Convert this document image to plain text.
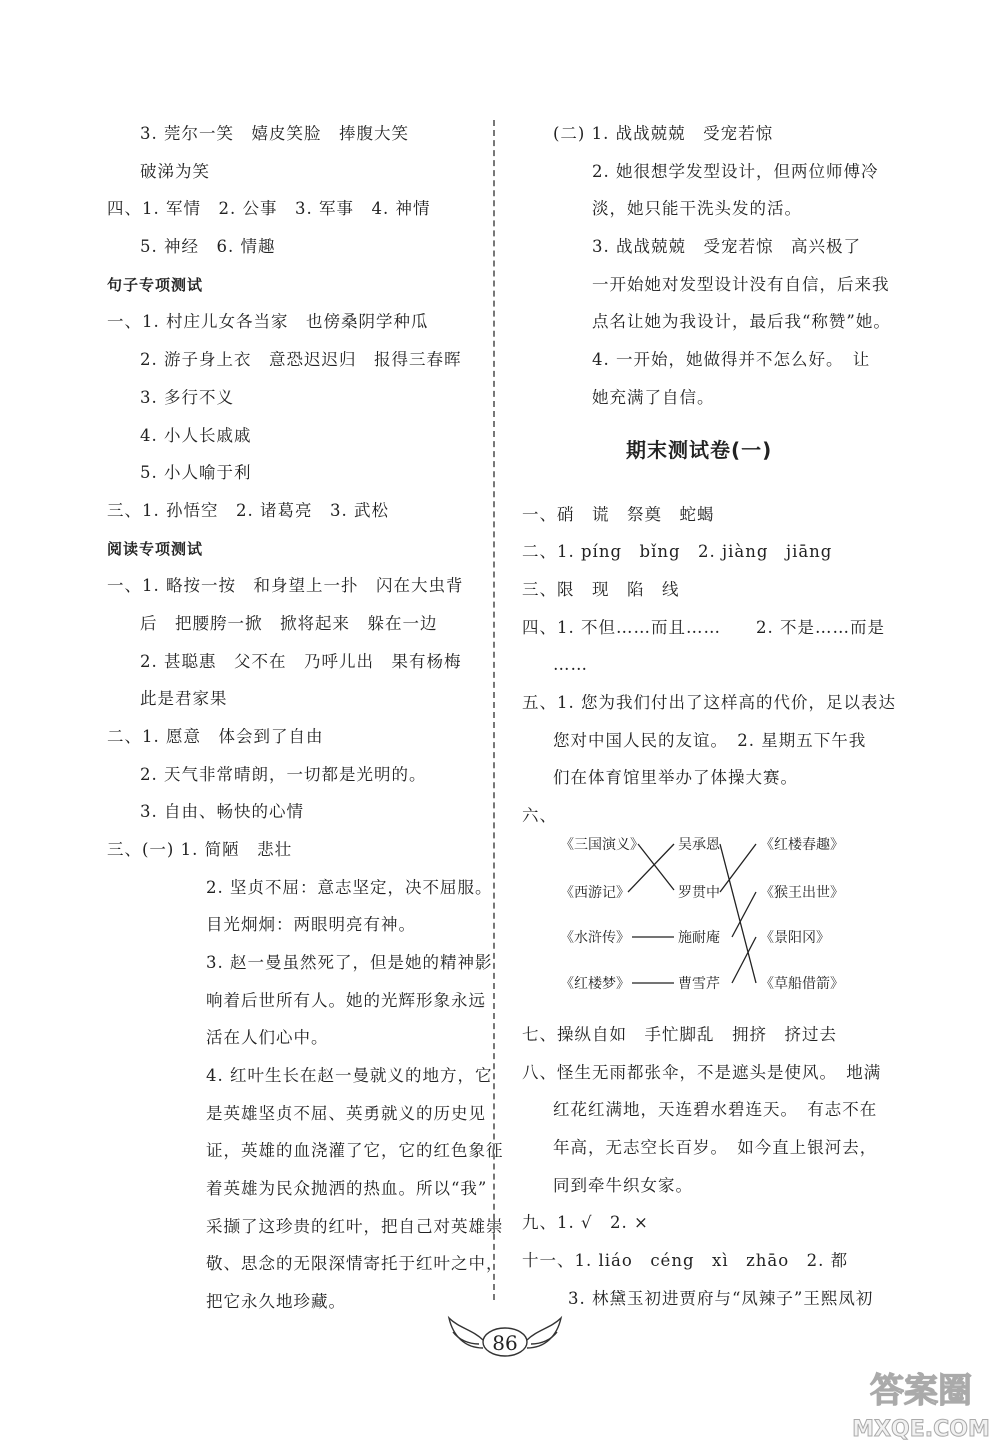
3. 莞尔一笑　嬉皮笑脸　捧腹大笑
破涕为笑
四、1. 军情　2. 公事　3. 军事　4. 神情
5. 神经　6. 情趣
句子专项测试
一、1. 村庄儿女各当家　也傍桑阴学种瓜
2. 游子身上衣　意恐迟迟归　报得三春晖
3. 多行不义
4. 小人长戚戚
5. 小人喻于利
三、1. 孙悟空　2. 诸葛亮　3. 武松
阅读专项测试
一、1. 略按一按　和身望上一扑　闪在大虫背
后　把腰胯一掀　掀将起来　躲在一边
2. 甚聪惠　父不在　乃呼儿出　果有杨梅
此是君家果
二、1. 愿意　体会到了自由
2. 天气非常晴朗，一切都是光明的。
3. 自由、畅快的心情
三、(一) 1. 简陋　悲壮
2. 坚贞不屈：意志坚定，决不屈服。
目光炯炯：两眼明亮有神。
3. 赵一曼虽然死了，但是她的精神影
响着后世所有人。她的光辉形象永远
活在人们心中。
4. 红叶生长在赵一曼就义的地方，它
是英雄坚贞不屈、英勇就义的历史见
证，英雄的血浇灌了它，它的红色象征
着英雄为民众抛洒的热血。所以“我”
采撷了这珍贵的红叶，把自己对英雄崇
敬、思念的无限深情寄托于红叶之中，
把它永久地珍藏。
(二) 1. 战战兢兢　受宠若惊
2. 她很想学发型设计，但两位师傅冷
淡，她只能干洗头发的活。
3. 战战兢兢　受宠若惊　高兴极了
一开始她对发型设计没有自信，后来我
点名让她为我设计，最后我“称赞”她。
4. 一开始，她做得并不怎么好。　让
她充满了自信。
期末测试卷(一)
一、硝　谎　祭奠　蛇蝎
二、1. píng　bǐng　2. jiàng　jiāng
三、限　现　陷　线
四、1. 不但……而且……　　2. 不是……而是
……
五、1. 您为我们付出了这样高的代价，足以表达
您对中国人民的友谊。　2. 星期五下午我
们在体育馆里举办了体操大赛。
六、
《三国演义》
《西游记》
《水浒传》
《红楼梦》
吴承恩
罗贯中
施耐庵
曹雪芹
《红楼春趣》
《猴王出世》
《景阳冈》
《草船借箭》
七、操纵自如　手忙脚乱　拥挤　挤过去
八、怪生无雨都张伞，不是遮头是使风。　地满
红花红满地，天连碧水碧连天。　有志不在
年高，无志空长百岁。　如今直上银河去，
同到牵牛织女家。
九、1. √　2. ×
十一、1. liáo　céng　xì　zhāo　2. 都
3. 林黛玉初进贾府与“凤辣子”王熙凤初
86
答案圈
MXQE.COM
